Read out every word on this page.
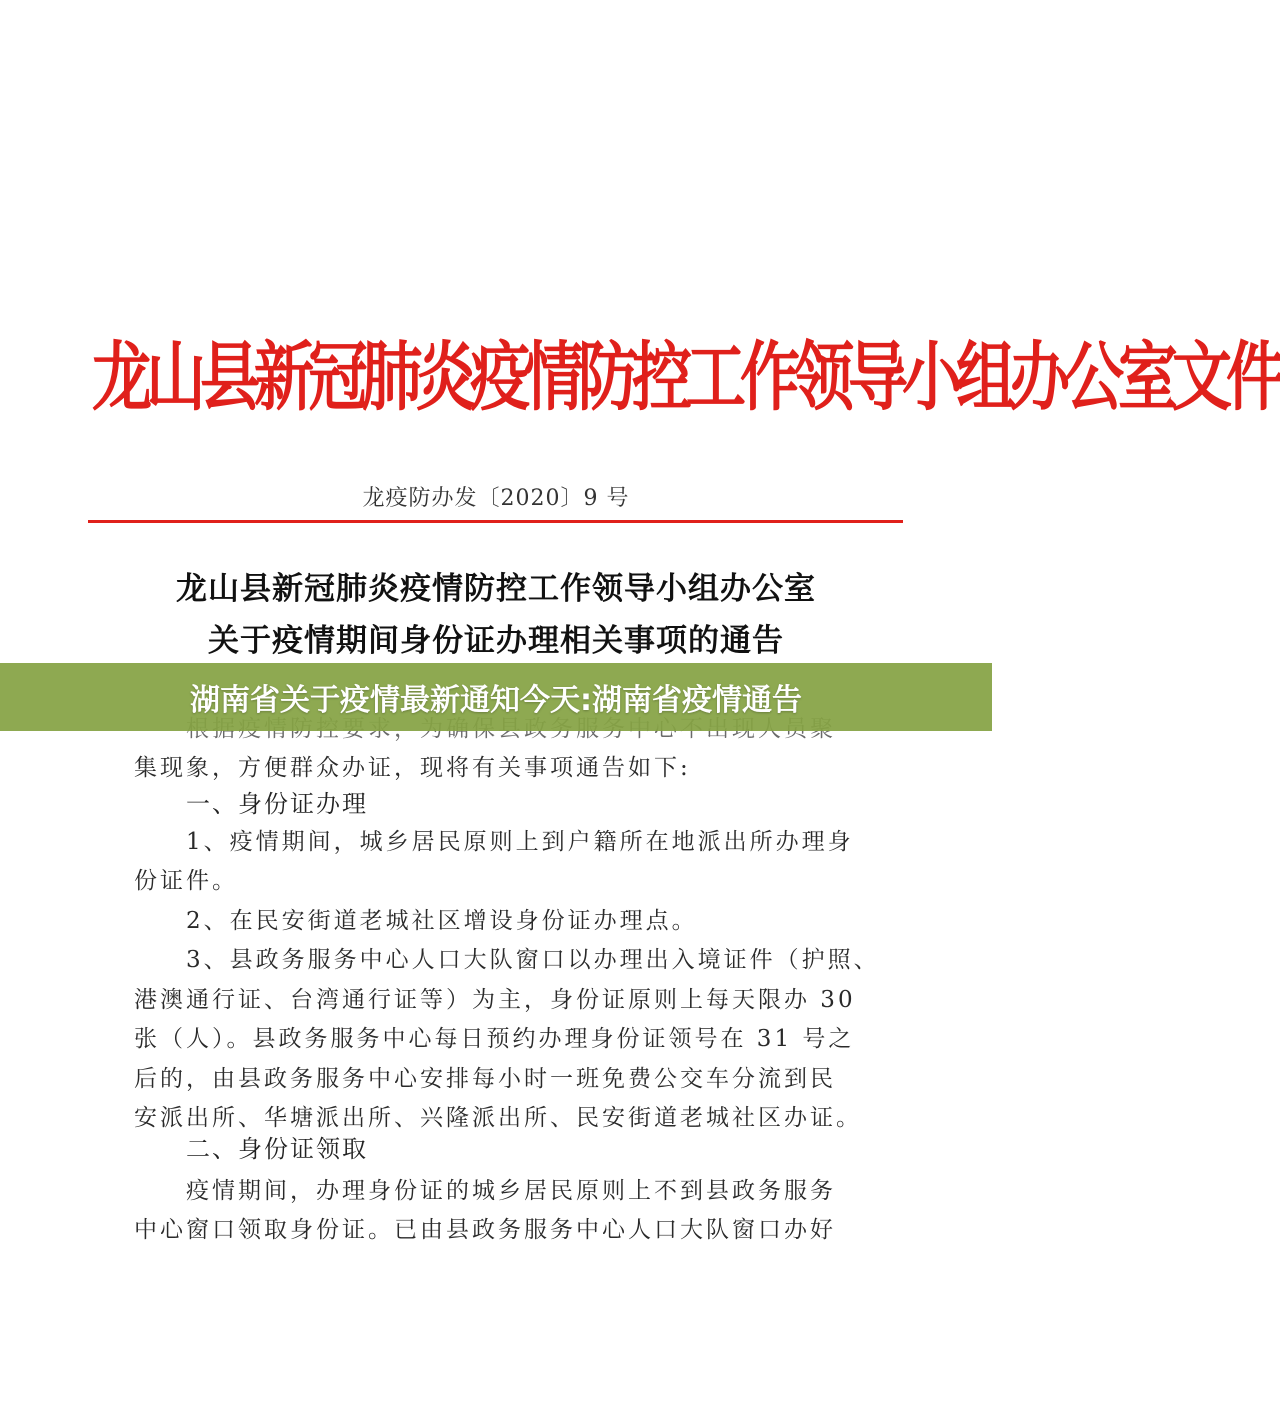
龙山县新冠肺炎疫情防控工作领导小组办公室文件
龙疫防办发〔2020〕9 号
龙山县新冠肺炎疫情防控工作领导小组办公室
关于疫情期间身份证办理相关事项的通告
湖南省关于疫情最新通知今天:湖南省疫情通告
集现象，方便群众办证，现将有关事项通告如下:
一、身份证办理
1、疫情期间，城乡居民原则上到户籍所在地派出所办理身
份证件。
2、在民安街道老城社区增设身份证办理点。
3、县政务服务中心人口大队窗口以办理出入境证件（护照、
港澳通行证、台湾通行证等）为主，身份证原则上每天限办 30
张（人）。县政务服务中心每日预约办理身份证领号在 31 号之
后的，由县政务服务中心安排每小时一班免费公交车分流到民
安派出所、华塘派出所、兴隆派出所、民安街道老城社区办证。
二、身份证领取
疫情期间，办理身份证的城乡居民原则上不到县政务服务
中心窗口领取身份证。已由县政务服务中心人口大队窗口办好
